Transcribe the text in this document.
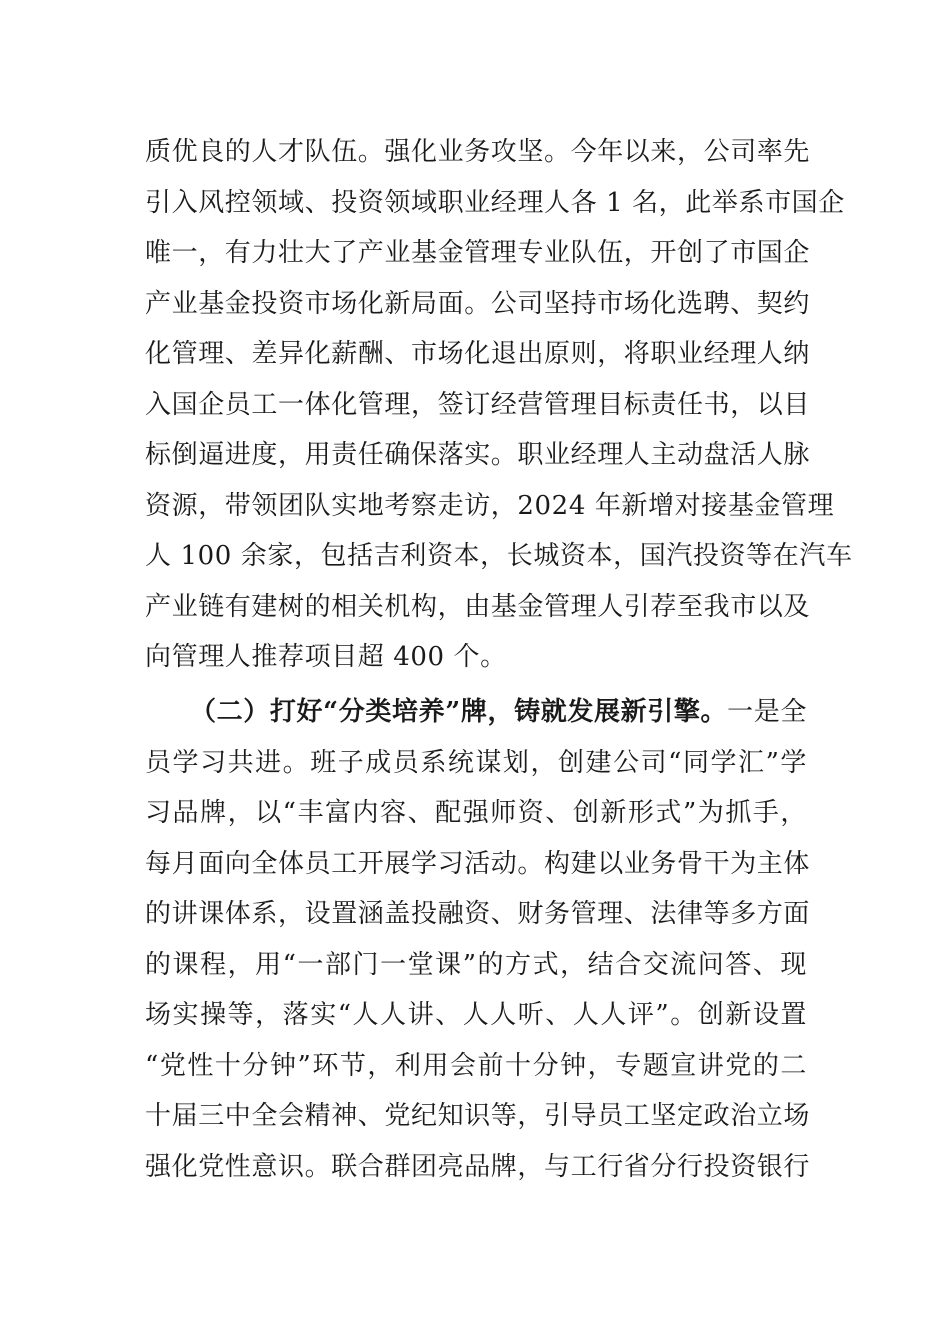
质优良的人才队伍。强化业务攻坚。今年以来，公司率先

引入风控领域、投资领域职业经理人各 1 名，此举系市国企

唯一，有力壮大了产业基金管理专业队伍，开创了市国企

产业基金投资市场化新局面。公司坚持市场化选聘、契约

化管理、差异化薪酬、市场化退出原则，将职业经理人纳

入国企员工一体化管理，签订经营管理目标责任书，以目

标倒逼进度，用责任确保落实。职业经理人主动盘活人脉

资源，带领团队实地考察走访，2024 年新增对接基金管理

人 100 余家，包括吉利资本，长城资本，国汽投资等在汽车

产业链有建树的相关机构，由基金管理人引荐至我市以及

向管理人推荐项目超 400 个。

（二）打好“分类培养”牌，铸就发展新引擎。一是全

员学习共进。班子成员系统谋划，创建公司“同学汇”学

习品牌，以“丰富内容、配强师资、创新形式”为抓手，

每月面向全体员工开展学习活动。构建以业务骨干为主体

的讲课体系，设置涵盖投融资、财务管理、法律等多方面

的课程，用“一部门一堂课”的方式，结合交流问答、现

场实操等，落实“人人讲、人人听、人人评”。创新设置

“党性十分钟”环节，利用会前十分钟，专题宣讲党的二

十届三中全会精神、党纪知识等，引导员工坚定政治立场

强化党性意识。联合群团亮品牌，与工行省分行投资银行
